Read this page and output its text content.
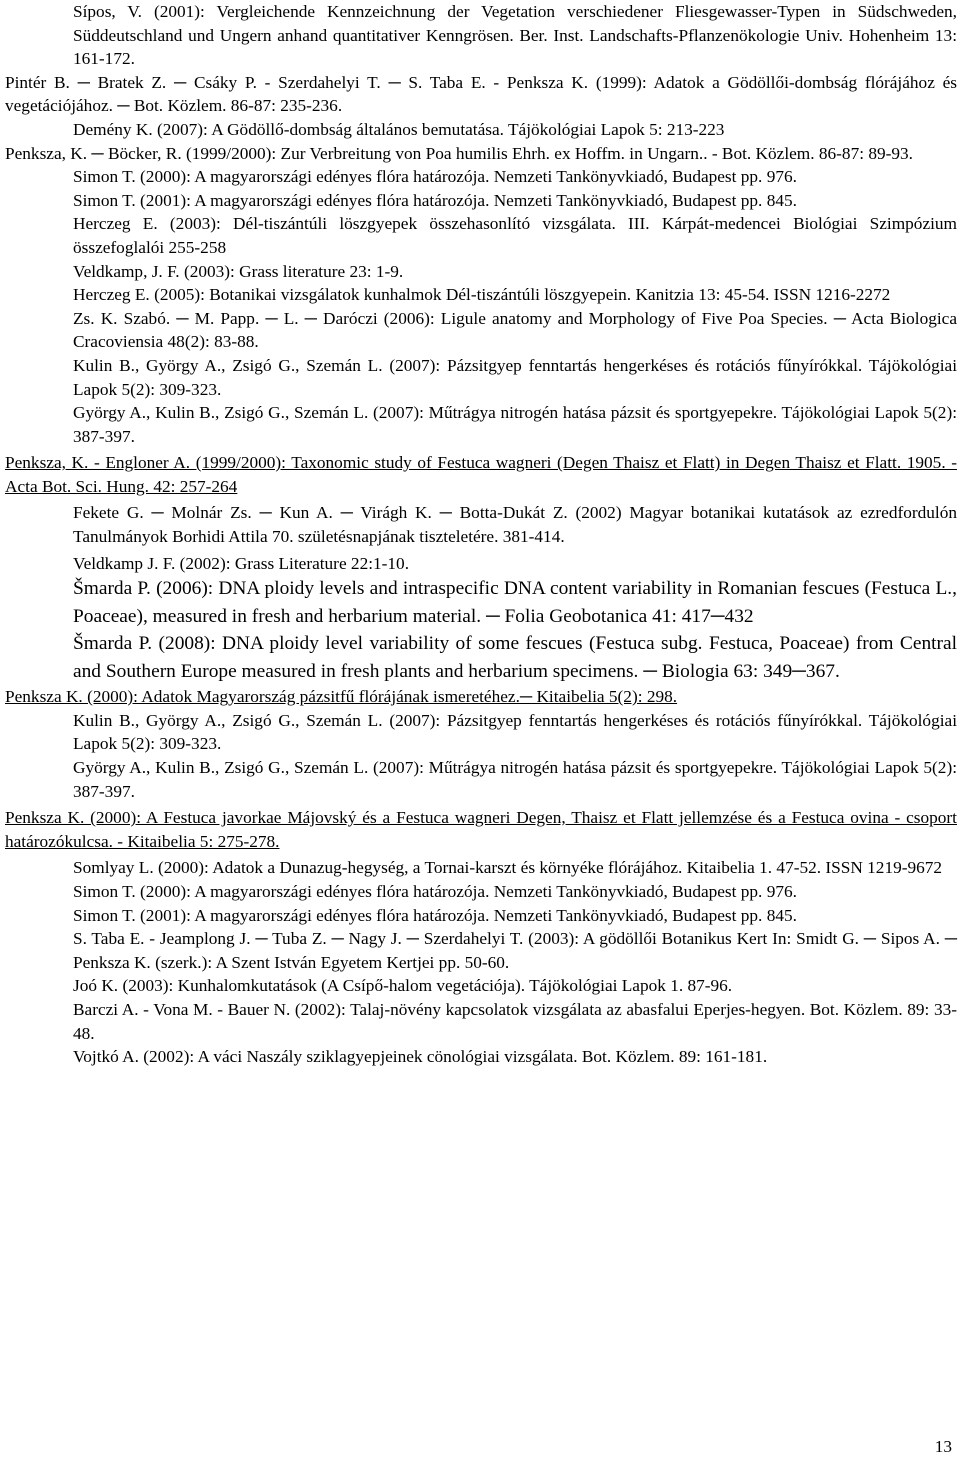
Sípos, V. (2001): Vergleichende Kennzeichnung der Vegetation verschiedener Fliesgewasser-Typen in Südschweden, Süddeutschland und Ungern anhand quantitativer Kenngrösen. Ber. Inst. Landschafts-Pflanzenökologie Univ. Hohenheim 13: 161-172.
Pintér B. ─ Bratek Z. ─ Csáky P. - Szerdahelyi T. ─ S. Taba E. - Penksza K. (1999): Adatok a Gödöllői-dombság flórájához és vegetációjához. ─ Bot. Közlem. 86-87: 235-236.
Demény K. (2007): A Gödöllő-dombság általános bemutatása. Tájökológiai Lapok 5: 213-223
Penksza, K. ─ Böcker, R. (1999/2000): Zur Verbreitung von Poa humilis Ehrh. ex Hoffm. in Ungarn.. - Bot. Közlem. 86-87: 89-93.
Simon T. (2000): A magyarországi edényes flóra határozója. Nemzeti Tankönyvkiadó, Budapest pp. 976.
Simon T. (2001): A magyarországi edényes flóra határozója. Nemzeti Tankönyvkiadó, Budapest pp. 845.
Herczeg E. (2003): Dél-tiszántúli löszgyepek összehasonlító vizsgálata. III. Kárpát-medencei Biológiai Szimpózium összefoglalói 255-258
Veldkamp, J. F. (2003): Grass literature 23: 1-9.
Herczeg E. (2005): Botanikai vizsgálatok kunhalmok Dél-tiszántúli löszgyepein. Kanitzia 13: 45-54. ISSN 1216-2272
Zs. K. Szabó. ─ M. Papp. ─ L. ─ Daróczi (2006): Ligule anatomy and Morphology of Five Poa Species. ─ Acta Biologica Cracoviensia 48(2): 83-88.
Kulin B., György A., Zsigó G., Szemán L. (2007): Pázsitgyep fenntartás hengerkéses és rotációs fűnyírókkal. Tájökológiai Lapok 5(2): 309-323.
György A., Kulin B., Zsigó G., Szemán L. (2007): Műtrágya nitrogén hatása pázsit és sportgyepekre. Tájökológiai Lapok 5(2): 387-397.
Penksza, K. - Engloner A. (1999/2000): Taxonomic study of Festuca wagneri (Degen Thaisz et Flatt) in Degen Thaisz et Flatt. 1905. - Acta Bot. Sci. Hung. 42: 257-264
Fekete G. ─ Molnár Zs. ─ Kun A. ─ Virágh K. ─ Botta-Dukát Z. (2002) Magyar botanikai kutatások az ezredfordulón Tanulmányok Borhidi Attila 70. születésnapjának tiszteletére. 381-414.
Veldkamp J. F. (2002): Grass Literature 22:1-10.
Šmarda P. (2006): DNA ploidy levels and intraspecific DNA content variability in Romanian fescues (Festuca L., Poaceae), measured in fresh and herbarium material. ─ Folia Geobotanica 41: 417─432
Šmarda P. (2008): DNA ploidy level variability of some fescues (Festuca subg. Festuca, Poaceae) from Central and Southern Europe measured in fresh plants and herbarium specimens. ─ Biologia 63: 349─367.
Penksza K. (2000): Adatok Magyarország pázsitfű flórájának ismeretéhez.─ Kitaibelia 5(2): 298.
Kulin B., György A., Zsigó G., Szemán L. (2007): Pázsitgyep fenntartás hengerkéses és rotációs fűnyírókkal. Tájökológiai Lapok 5(2): 309-323.
György A., Kulin B., Zsigó G., Szemán L. (2007): Műtrágya nitrogén hatása pázsit és sportgyepekre. Tájökológiai Lapok 5(2): 387-397.
Penksza K. (2000): A Festuca javorkae Májovský és a Festuca wagneri Degen, Thaisz et Flatt jellemzése és a Festuca ovina - csoport határozókulcsa. - Kitaibelia 5: 275-278.
Somlyay L. (2000): Adatok a Dunazug-hegység, a Tornai-karszt és környéke flórájához. Kitaibelia 1. 47-52. ISSN 1219-9672
Simon T. (2000): A magyarországi edényes flóra határozója. Nemzeti Tankönyvkiadó, Budapest pp. 976.
Simon T. (2001): A magyarországi edényes flóra határozója. Nemzeti Tankönyvkiadó, Budapest pp. 845.
S. Taba E. - Jeamplong J. ─ Tuba Z. ─ Nagy J. ─ Szerdahelyi T. (2003): A gödöllői Botanikus Kert In: Smidt G. ─ Sipos A. ─ Penksza K. (szerk.): A Szent István Egyetem Kertjei pp. 50-60.
Joó K. (2003): Kunhalomkutatások (A Csípő-halom vegetációja). Tájökológiai Lapok 1. 87-96.
Barczi A. - Vona M. - Bauer N. (2002): Talaj-növény kapcsolatok vizsgálata az abasfalui Eperjes-hegyen. Bot. Közlem. 89: 33-48.
Vojtkó A. (2002): A váci Naszály sziklagyepjeinek cönológiai vizsgálata. Bot. Közlem. 89: 161-181.
13
